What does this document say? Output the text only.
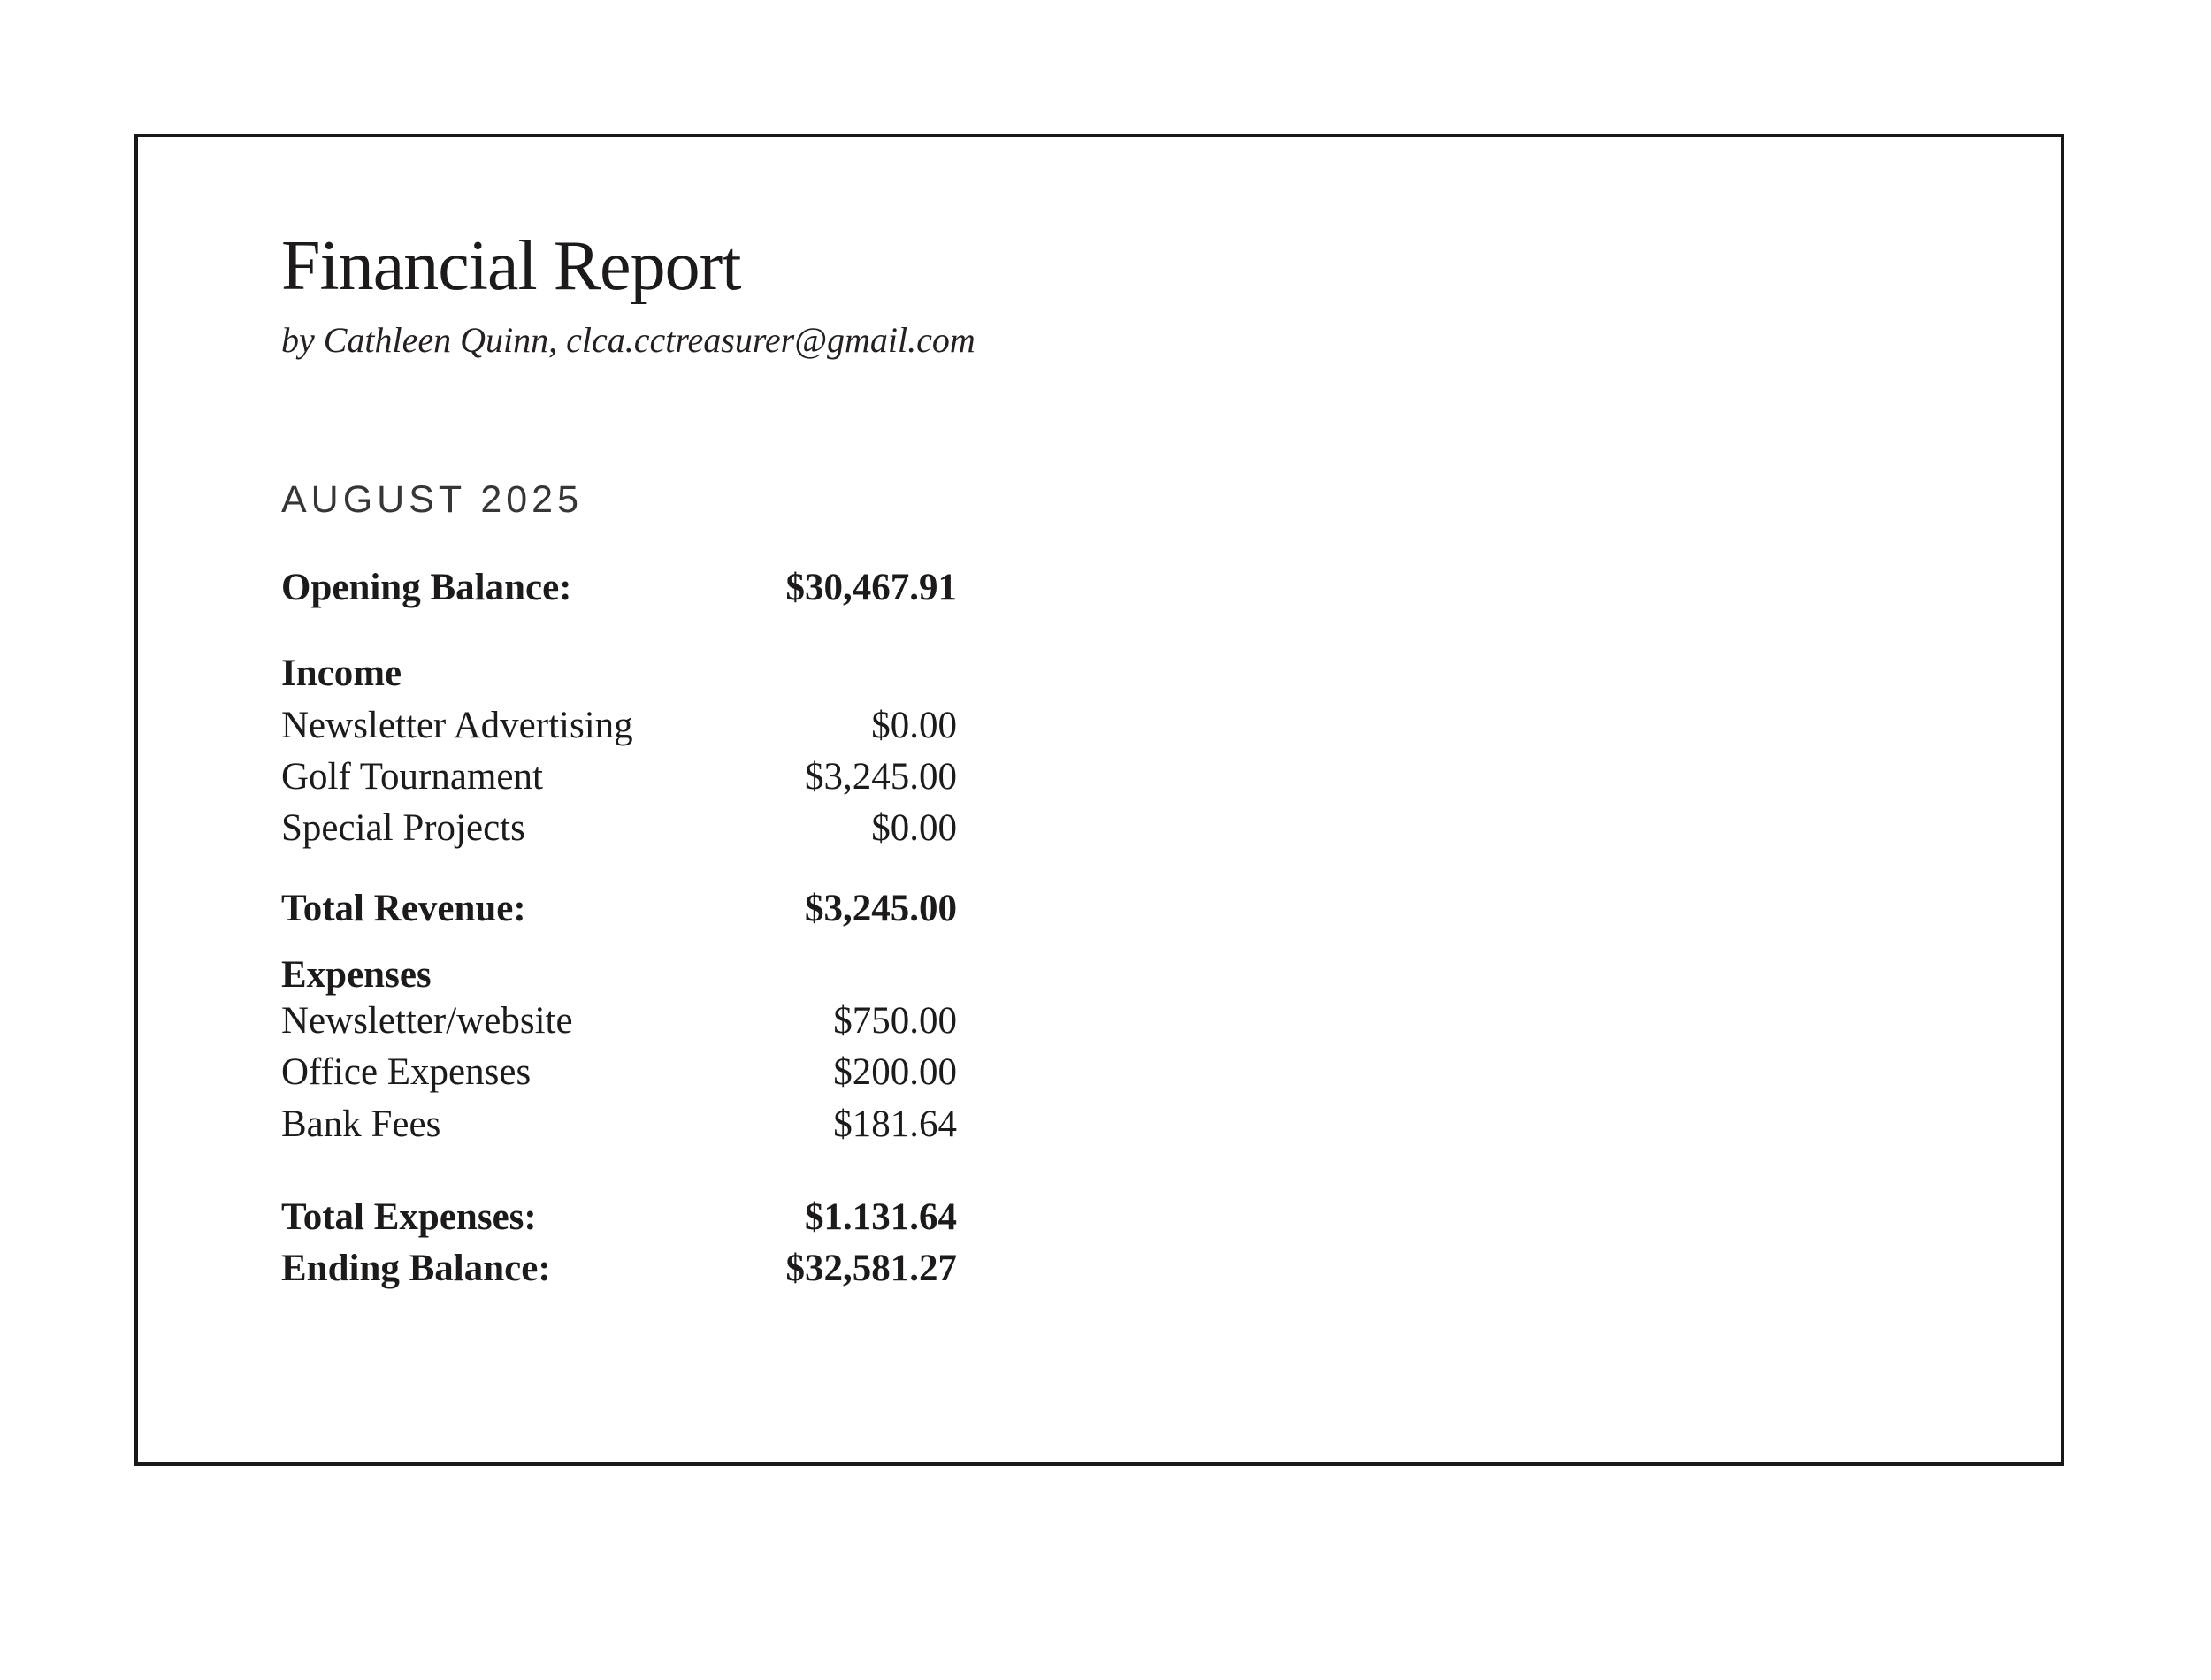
Financial Report

by Cathleen Quinn, clca.cctreasurer@gmail.com

AUGUST 2025
Opening Balance:	$30,467.91
Income
Newsletter Advertising	$0.00
Golf Tournament	$3,245.00
Special Projects	$0.00
Total Revenue:	$3,245.00
Expenses
Newsletter/website	$750.00
Office Expenses	$200.00
Bank Fees	$181.64
Total Expenses:	$1.131.64
Ending Balance:	$32,581.27
